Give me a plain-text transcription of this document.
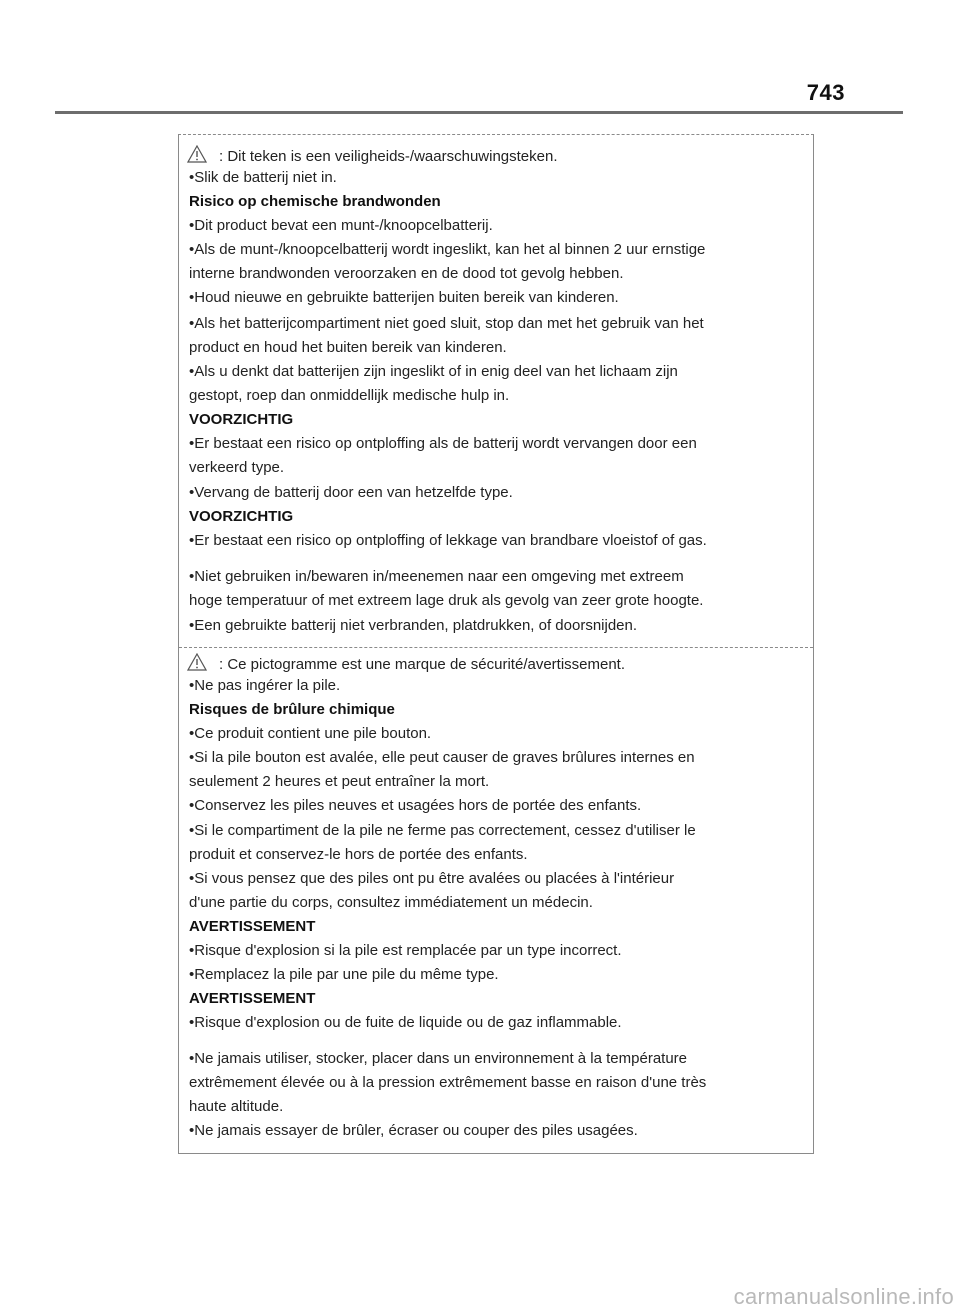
743
: Dit teken is een veiligheids-/waarschuwingsteken.
•Slik de batterij niet in.
Risico op chemische brandwonden
•Dit product bevat een munt-/knoopcelbatterij.
•Als de munt-/knoopcelbatterij wordt ingeslikt, kan het al binnen 2 uur ernstige
interne brandwonden veroorzaken en de dood tot gevolg hebben.
•Houd nieuwe en gebruikte batterijen buiten bereik van kinderen.
•Als het batterijcompartiment niet goed sluit, stop dan met het gebruik van het
product en houd het buiten bereik van kinderen.
•Als u denkt dat batterijen zijn ingeslikt of in enig deel van het lichaam zijn
gestopt, roep dan onmiddellijk medische hulp in.
VOORZICHTIG
•Er bestaat een risico op ontploffing als de batterij wordt vervangen door een
verkeerd type.
•Vervang de batterij door een van hetzelfde type.
VOORZICHTIG
•Er bestaat een risico op ontploffing of lekkage van brandbare vloeistof of gas.
•Niet gebruiken in/bewaren in/meenemen naar een omgeving met extreem
hoge temperatuur of met extreem lage druk als gevolg van zeer grote hoogte.
•Een gebruikte batterij niet verbranden, platdrukken, of doorsnijden.
: Ce pictogramme est une marque de sécurité/avertissement.
•Ne pas ingérer la pile.
Risques de brûlure chimique
•Ce produit contient une pile bouton.
•Si la pile bouton est avalée, elle peut causer de graves brûlures internes en
seulement 2 heures et peut entraîner la mort.
•Conservez les piles neuves et usagées hors de portée des enfants.
•Si le compartiment de la pile ne ferme pas correctement, cessez d'utiliser le
produit et conservez-le hors de portée des enfants.
•Si vous pensez que des piles ont pu être avalées ou placées à l'intérieur
d'une partie du corps, consultez immédiatement un médecin.
AVERTISSEMENT
•Risque d'explosion si la pile est remplacée par un type incorrect.
•Remplacez la pile par une pile du même type.
AVERTISSEMENT
•Risque d'explosion ou de fuite de liquide ou de gaz inflammable.
•Ne jamais utiliser, stocker, placer dans un environnement à la température
extrêmement élevée ou à la pression extrêmement basse en raison d'une très
haute altitude.
•Ne jamais essayer de brûler, écraser ou couper des piles usagées.
carmanualsonline.info
